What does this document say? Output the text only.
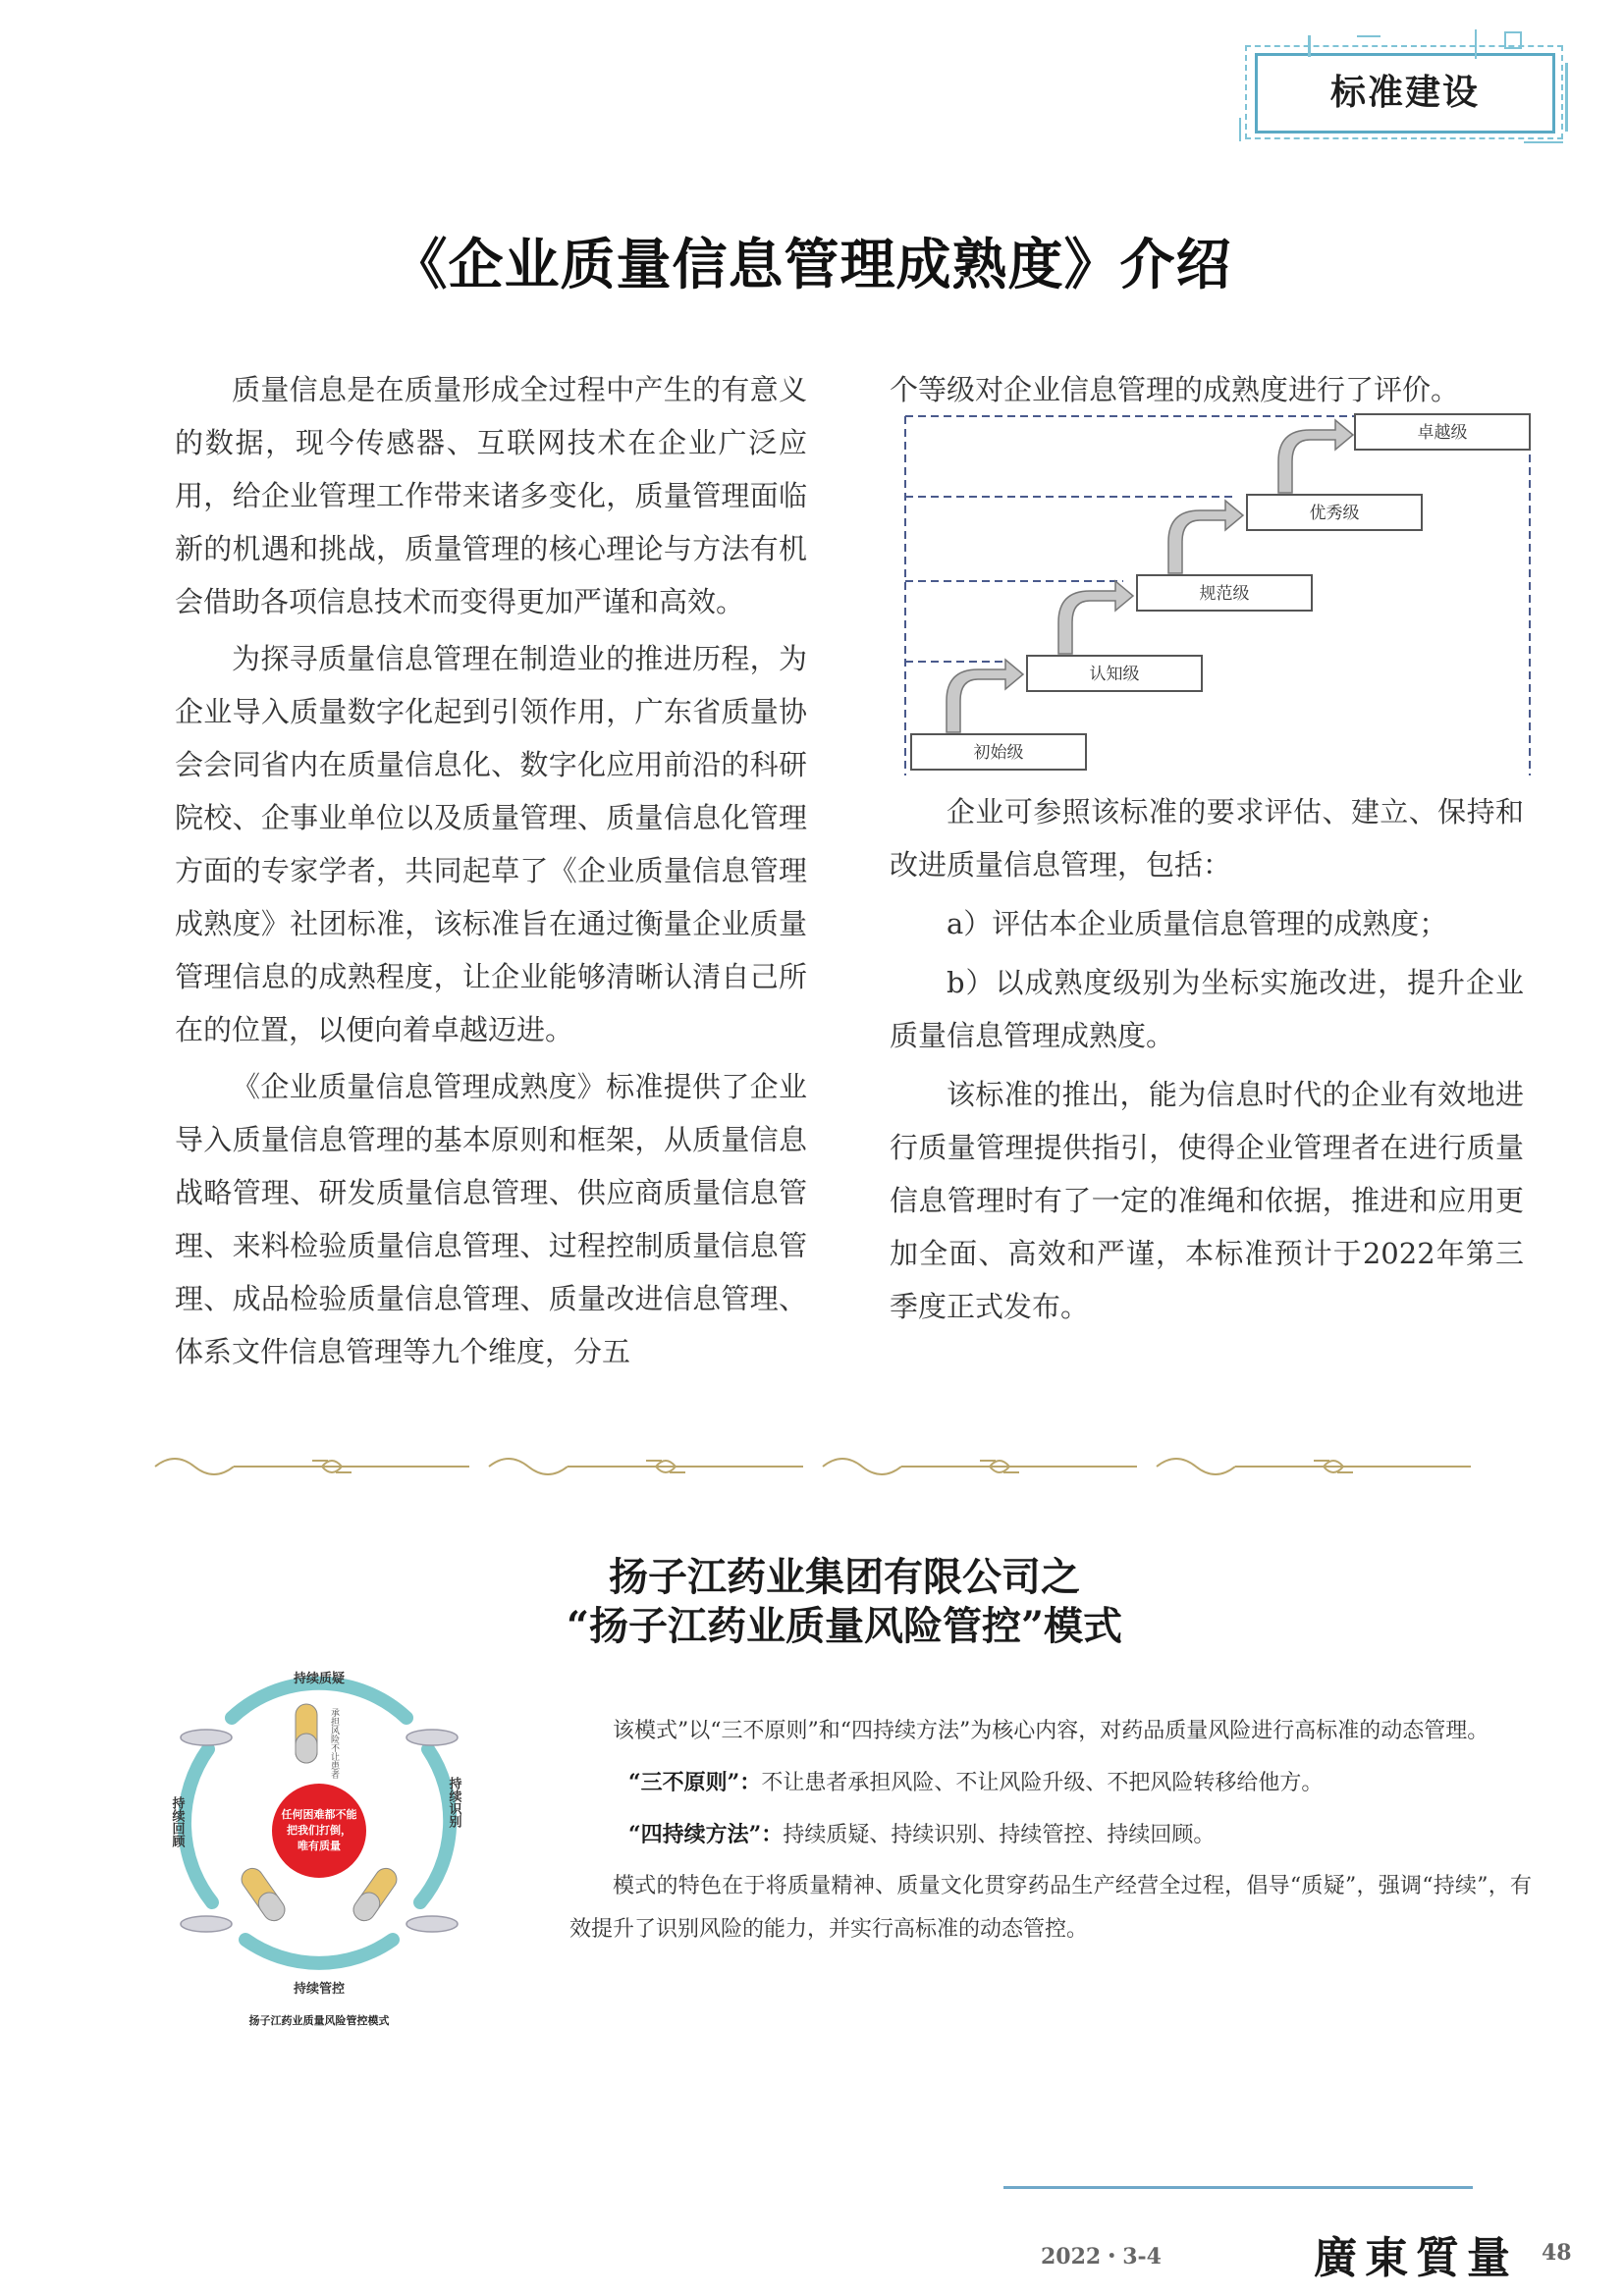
标准建设
《企业质量信息管理成熟度》介绍

质量信息是在质量形成全过程中产生的有意义的数据，现今传感器、互联网技术在企业广泛应用，给企业管理工作带来诸多变化，质量管理面临新的机遇和挑战，质量管理的核心理论与方法有机会借助各项信息技术而变得更加严谨和高效。

为探寻质量信息管理在制造业的推进历程，为企业导入质量数字化起到引领作用，广东省质量协会会同省内在质量信息化、数字化应用前沿的科研院校、企事业单位以及质量管理、质量信息化管理方面的专家学者，共同起草了《企业质量信息管理成熟度》社团标准，该标准旨在通过衡量企业质量管理信息的成熟程度，让企业能够清晰认清自己所在的位置，以便向着卓越迈进。

《企业质量信息管理成熟度》标准提供了企业导入质量信息管理的基本原则和框架，从质量信息战略管理、研发质量信息管理、供应商质量信息管理、来料检验质量信息管理、过程控制质量信息管理、成品检验质量信息管理、质量改进信息管理、体系文件信息管理等九个维度，分五

个等级对企业信息管理的成熟度进行了评价。

初始级
认知级
规范级
优秀级
卓越级

企业可参照该标准的要求评估、建立、保持和改进质量信息管理，包括：

a）评估本企业质量信息管理的成熟度；

b）以成熟度级别为坐标实施改进，提升企业质量信息管理成熟度。

该标准的推出，能为信息时代的企业有效地进行质量管理提供指引，使得企业管理者在进行质量信息管理时有了一定的准绳和依据，推进和应用更加全面、高效和严谨，本标准预计于2022年第三季度正式发布。

扬子江药业集团有限公司之
“扬子江药业质量风险管控”模式
任何困难都不能
把我们打倒，
唯有质量
承担风险不让患者
持续质疑
持续管控
持续识别
持续回顾
扬子江药业质量风险管控模式

该模式”以“三不原则”和“四持续方法”为核心内容，对药品质量风险进行高标准的动态管理。

“三不原则”：不让患者承担风险、不让风险升级、不把风险转移给他方。

“四持续方法”：持续质疑、持续识别、持续管控、持续回顾。

模式的特色在于将质量精神、质量文化贯穿药品生产经营全过程，倡导“质疑”，强调“持续”，有效提升了识别风险的能力，并实行高标准的动态管控。

2022・3-4	廣東質量 48
